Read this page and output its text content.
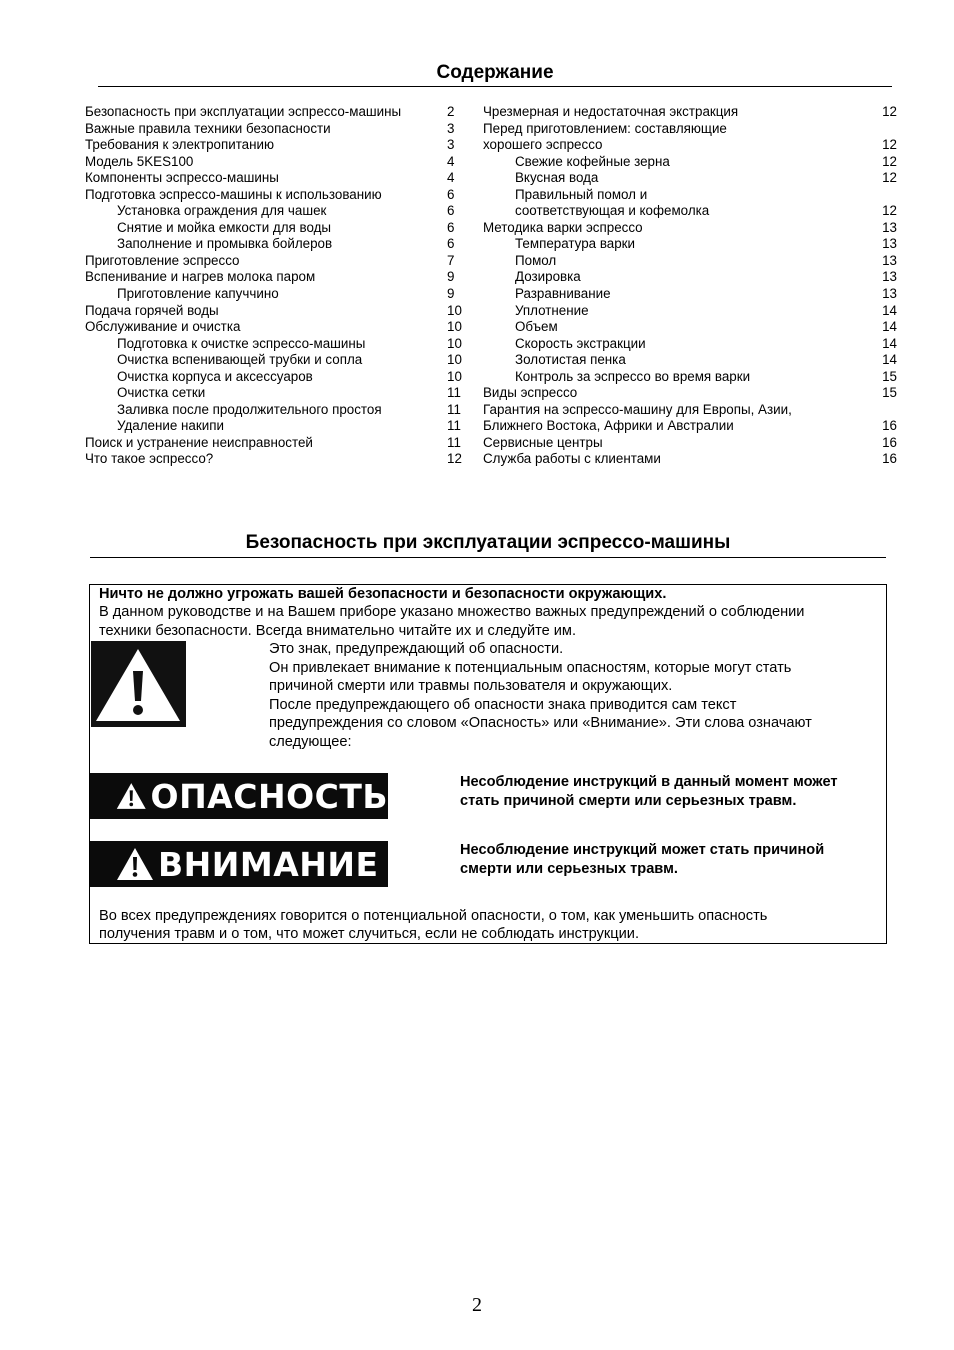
Содержание
Безопасность при эксплуатации эспрессо-машины	2
Важные правила техники безопасности	3
Требования к электропитанию	3
Модель 5KES100	4
Компоненты эспрессо-машины	4
Подготовка эспрессо-машины к использованию	6
Установка ограждения для чашек	6
Снятие и мойка емкости для воды	6
Заполнение и промывка бойлеров	6
Приготовление эспрессо	7
Вспенивание и нагрев молока паром	9
Приготовление капуччино	9
Подача горячей воды	10
Обслуживание и очистка	10
Подготовка к очистке эспрессо-машины	10
Очистка вспенивающей трубки и сопла	10
Очистка корпуса и аксессуаров	10
Очистка сетки	11
Заливка после продолжительного простоя	11
Удаление накипи	11
Поиск и устранение неисправностей	11
Что такое эспрессо?	12
Чрезмерная и недостаточная экстракция	12
Перед приготовлением: составляющие
хорошего эспрессо	12
Свежие кофейные зерна	12
Вкусная вода	12
Правильный помол и
соответствующая и кофемолка	12
Методика варки эспрессо	13
Температура варки	13
Помол	13
Дозировка	13
Разравнивание	13
Уплотнение	14
Объем	14
Скорость экстракции	14
Золотистая пенка	14
Контроль за эспрессо во время варки	15
Виды эспрессо	15
Гарантия на эспрессо-машину для Европы, Азии,
Ближнего Востока, Африки и Австралии	16
Сервисные центры	16
Служба работы с клиентами	16
Безопасность при эксплуатации эспрессо-машины
Ничто не должно угрожать вашей безопасности и безопасности окружающих.
В данном руководстве и на Вашем приборе указано множество важных предупреждений о соблюдении
техники безопасности. Всегда внимательно читайте их и следуйте им.
Это знак, предупреждающий об опасности.
Он привлекает внимание к потенциальным опасностям, которые могут стать
причиной смерти или травмы пользователя и окружающих.
После предупреждающего об опасности знака приводится сам текст
предупреждения со словом «Опасность» или «Внимание». Эти слова означают
следующее:
ОПАСНОСТЬ	Несоблюдение инструкций в данный момент может
стать причиной смерти или серьезных травм.
ВНИМАНИЕ	Несоблюдение инструкций может стать причиной
смерти или серьезных травм.
Во всех предупреждениях говорится о потенциальной опасности, о том, как уменьшить опасность
получения травм и о том, что может случиться, если не соблюдать инструкции.
2
